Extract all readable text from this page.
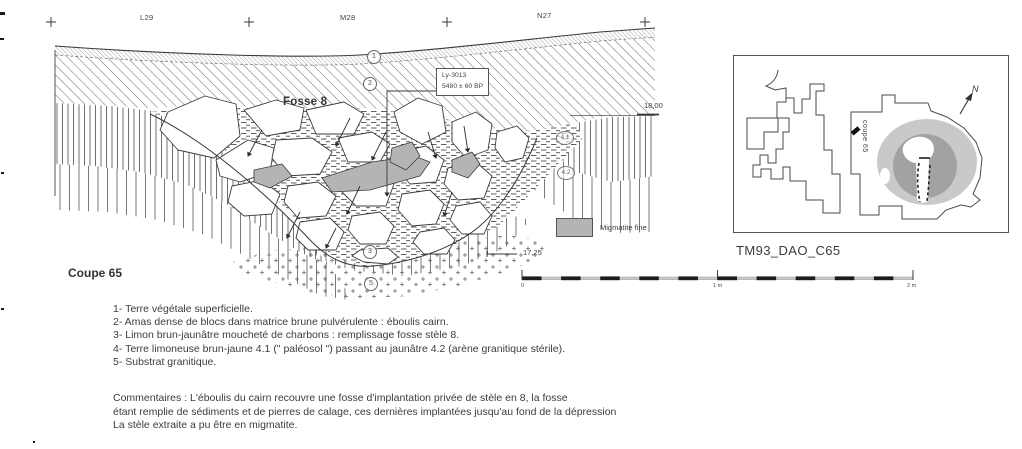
L29	M28	N27
Fosse 8
Ly-3013
5480 ± 60 BP
18,00
17,25
1
2
3
5
4.1
4.2
Migmatite fine
Coupe 65
1- Terre végétale superficielle.
2- Amas dense de blocs dans matrice brune pulvérulente : éboulis cairn.
3- Limon brun-jaunâtre moucheté de charbons : remplissage fosse stèle 8.
4- Terre limoneuse brun-jaune 4.1 (" paléosol ") passant au jaunâtre 4.2 (arène granitique stérile).
5- Substrat granitique.
Commentaires : L'éboulis du cairn recouvre une fosse d'implantation privée de stèle en 8, la fosse
étant remplie de sédiments et de pierres de calage, ces dernières implantées jusqu'au fond de la dépression
La stèle extraite a pu être en migmatite.
TM93_DAO_C65
0	1 m	2 m
coupe 65
N
